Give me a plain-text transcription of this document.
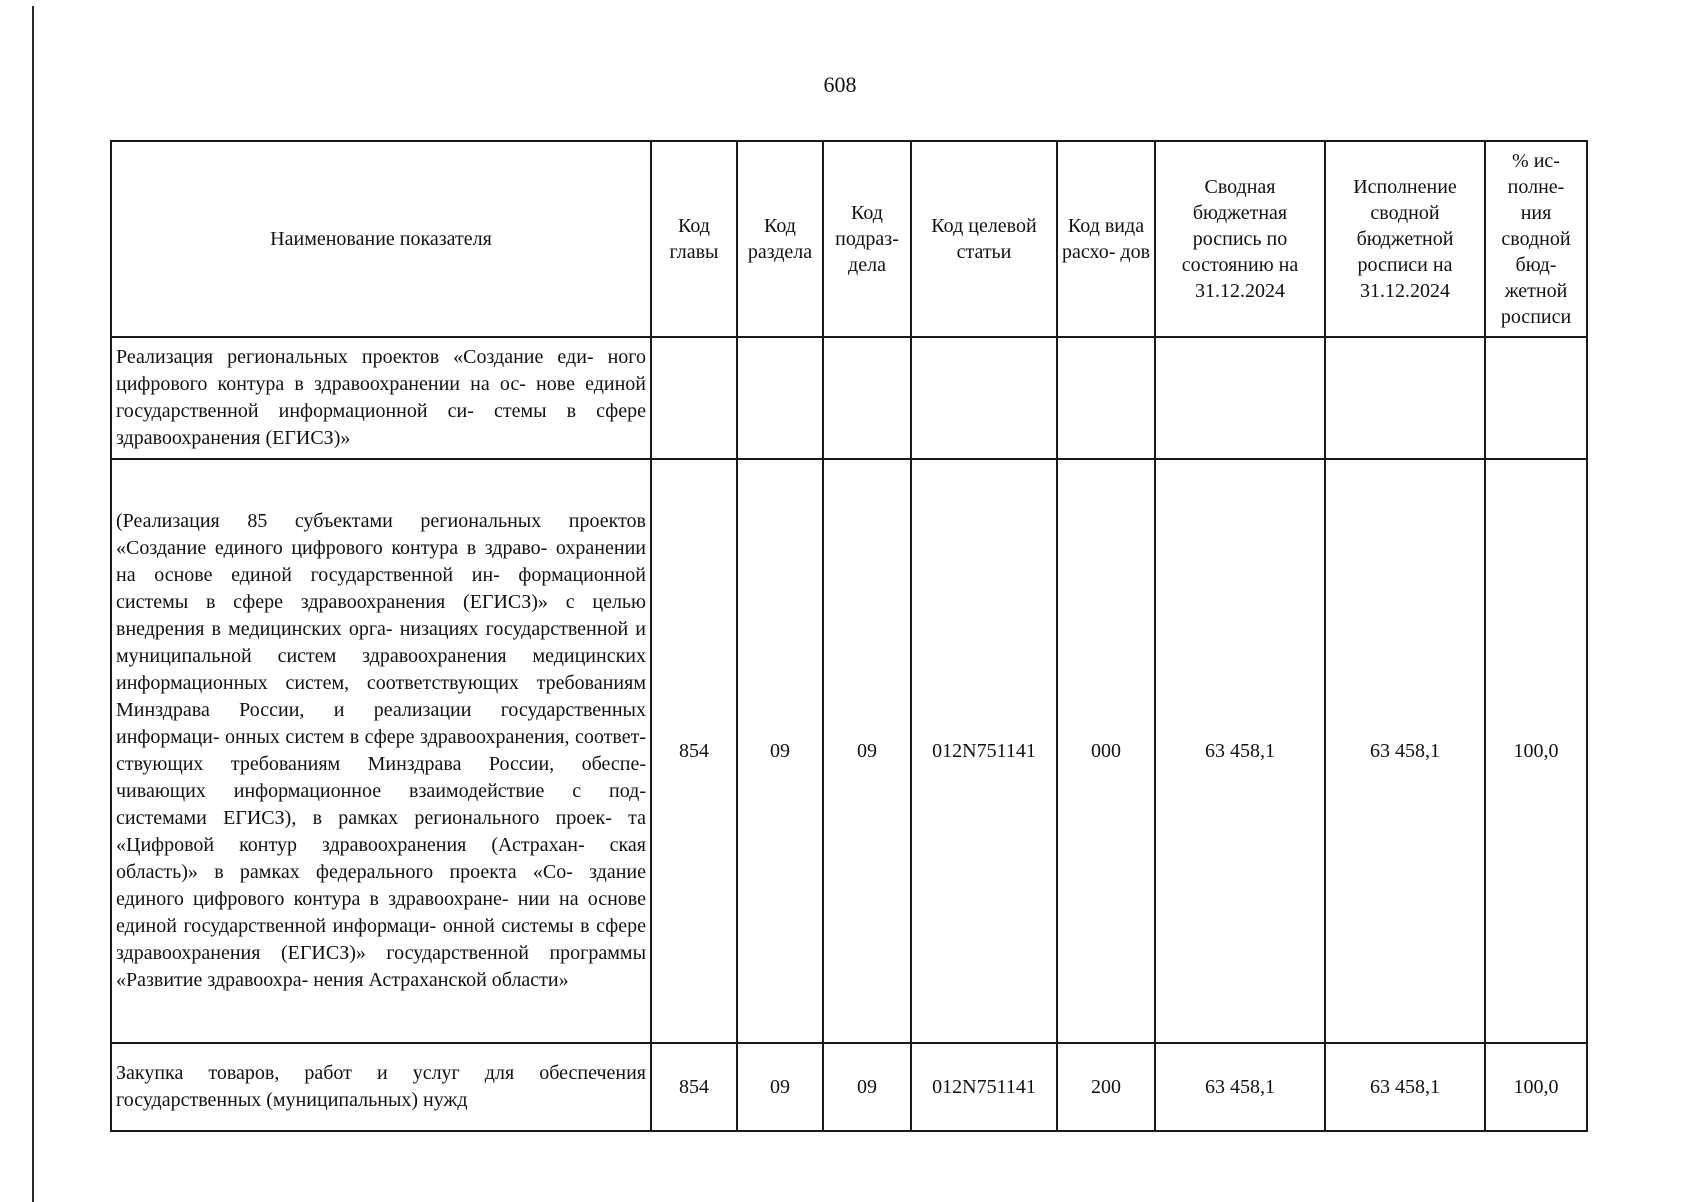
608
Наименование показателя	Код главы	Код раздела	Код подраз- дела	Код целевой статьи	Код вида расхо- дов	Сводная бюджетная роспись по состоянию на 31.12.2024	Исполнение сводной бюджетной росписи на 31.12.2024	% ис- полне- ния сводной бюд- жетной росписи
Реализация региональных проектов «Создание еди- ного цифрового контура в здравоохранении на ос- нове единой государственной информационной си- стемы в сфере здравоохранения (ЕГИСЗ)»								
(Реализация 85 субъектами региональных проектов «Создание единого цифрового контура в здраво- охранении на основе единой государственной ин- формационной системы в сфере здравоохранения (ЕГИСЗ)» с целью внедрения в медицинских орга- низациях государственной и муниципальной систем здравоохранения медицинских информационных систем, соответствующих требованиям Минздрава России, и реализации государственных информаци- онных систем в сфере здравоохранения, соответ- ствующих требованиям Минздрава России, обеспе- чивающих информационное взаимодействие с под- системами ЕГИСЗ), в рамках регионального проек- та «Цифровой контур здравоохранения (Астрахан- ская область)» в рамках федерального проекта «Со- здание единого цифрового контура в здравоохране- нии на основе единой государственной информаци- онной системы в сфере здравоохранения (ЕГИСЗ)» государственной программы «Развитие здравоохра- нения Астраханской области»	854	09	09	012N751141	000	63 458,1	63 458,1	100,0
Закупка товаров, работ и услуг для обеспечения государственных (муниципальных) нужд	854	09	09	012N751141	200	63 458,1	63 458,1	100,0
